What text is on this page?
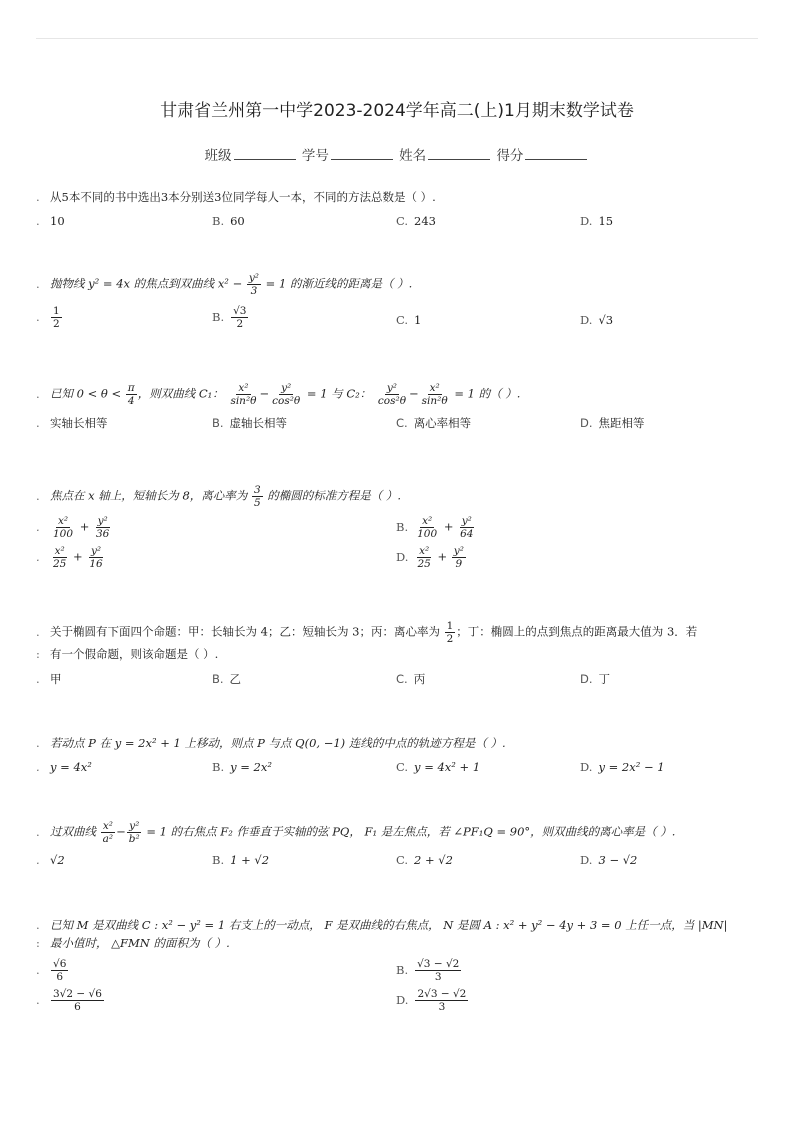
甘肃省兰州第一中学2023-2024学年高二(上)1月期末数学试卷
班级	学号	姓名	得分
. 从5本不同的书中选出3本分别送3位同学每人一本，不同的方法总数是（ ）.
. 10	B. 60	C. 243	D. 15
. 抛物线 y² = 4x 的焦点到双曲线 $x^2 - \frac{\text{y²}}{3} = 1$ 的渐近线的距离是（ ）.
. $\frac{1}{2}$	B. $\frac{√3}{2}$	C. 1	D. √3
. 已知 $0 < \theta < \frac{\pi}{4}$ ，则双曲线 C₁： $\frac{\text{x²}}{\text{sin²θ}} - \frac{\text{y²}}{\text{cos²θ}} = 1$ 与 C₂： $\frac{\text{y²}}{\text{cos²θ}} - \frac{\text{x²}}{\text{sin²θ}} = 1$ 的（ ）.
. 实轴长相等	B. 虚轴长相等	C. 离心率相等	D. 焦距相等
. 焦点在 x 轴上，短轴长为 8，离心率为 $\frac{3}{5}$ 的椭圆的标准方程是（ ）.
. $\frac{\text{x²}}{100} + \frac{\text{y²}}{36}$	B. $\frac{\text{x²}}{100} + \frac{\text{y²}}{64}$
. $\frac{\text{x²}}{25} + \frac{\text{y²}}{16}$	D. $\frac{\text{x²}}{25} + \frac{\text{y²}}{9}$
. 关于椭圆有下面四个命题：甲：长轴长为 4；乙：短轴长为 3；丙：离心率为 $\frac{1}{2}$ ；丁：椭圆上的点到焦点的距离最大值为 3．若
: 有一个假命题，则该命题是（ ）.
. 甲	B. 乙	C. 丙	D. 丁
. 若动点 P 在 y = 2x² + 1 上移动，则点 P 与点 Q(0, −1) 连线的中点的轨迹方程是（ ）.
. y = 4x²	B. y = 2x²	C. y = 4x² + 1	D. y = 2x² − 1
. 过双曲线 $\frac{\text{x²}}{\text{a²}} - \frac{\text{y²}}{\text{b²}} = 1$ 的右焦点 F₂ 作垂直于实轴的弦 PQ， F₁ 是左焦点，若 ∠PF₁Q = 90°，则双曲线的离心率是（ ）.
. √2	B. 1 + √2	C. 2 + √2	D. 3 − √2
. 已知 M 是双曲线 C : x² − y² = 1 右支上的一动点， F 是双曲线的右焦点， N 是圆 A : x² + y² − 4y + 3 = 0 上任一点，当 |MN|
: 最小值时， △FMN 的面积为（ ）.
. $\frac{√6}{6}$	B. $\frac{√3 - √2}{3}$
. $\frac{3√2 - √6}{6}$	D. $\frac{2√3 - √2}{3}$
